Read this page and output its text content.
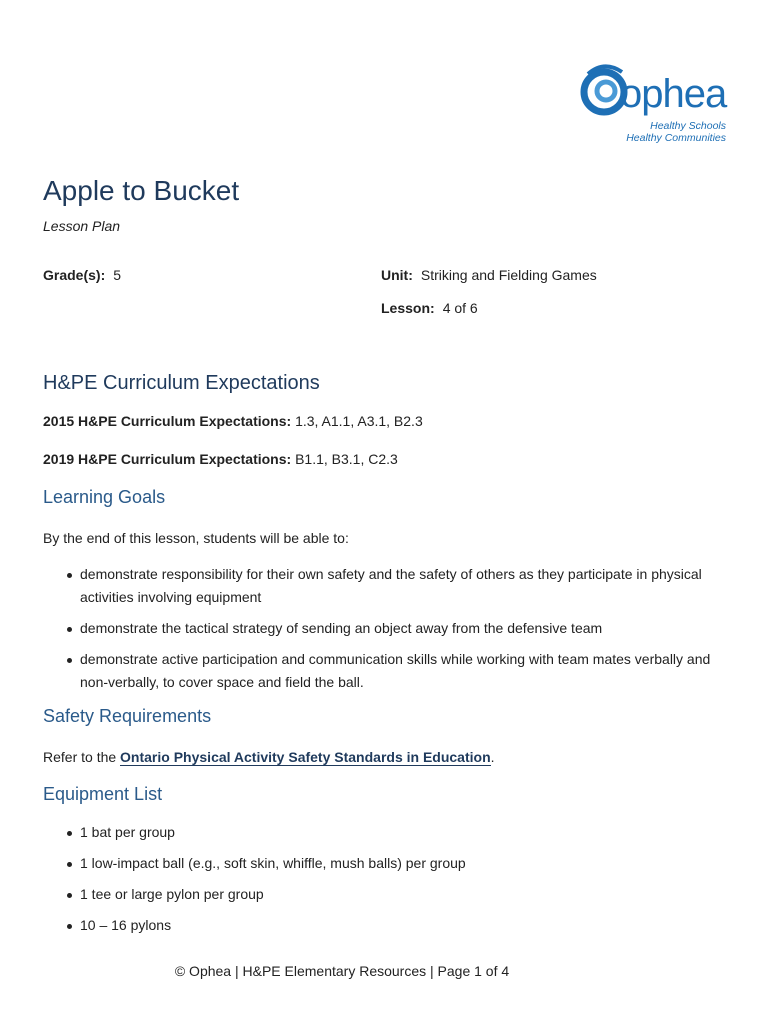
ophea
Healthy Schools
Healthy Communities
Apple to Bucket
Lesson Plan
Grade(s): 5	Unit: Striking and Fielding Games
Lesson: 4 of 6
H&PE Curriculum Expectations
2015 H&PE Curriculum Expectations: 1.3, A1.1, A3.1, B2.3
2019 H&PE Curriculum Expectations: B1.1, B3.1, C2.3
Learning Goals
By the end of this lesson, students will be able to:
demonstrate responsibility for their own safety and the safety of others as they participate in physical activities involving equipment
demonstrate the tactical strategy of sending an object away from the defensive team
demonstrate active participation and communication skills while working with team mates verbally and non-verbally, to cover space and field the ball.
Safety Requirements
Refer to the Ontario Physical Activity Safety Standards in Education.
Equipment List
1 bat per group
1 low-impact ball (e.g., soft skin, whiffle, mush balls) per group
1 tee or large pylon per group
10 – 16 pylons
© Ophea | H&PE Elementary Resources | Page 1 of 4
